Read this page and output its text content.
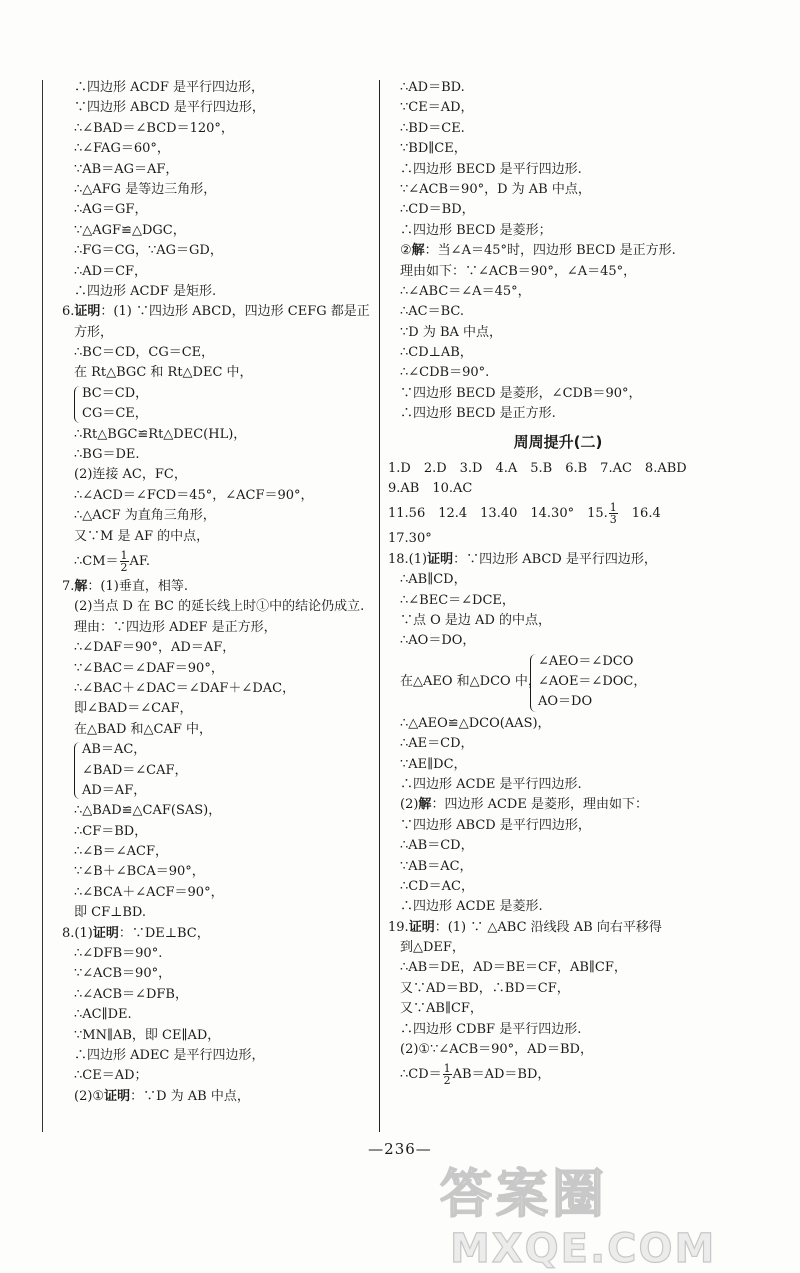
∴四边形 ACDF 是平行四边形，
∵四边形 ABCD 是平行四边形，
∴∠BAD＝∠BCD＝120°，
∴∠FAG＝60°，
∵AB＝AG＝AF，
∴△AFG 是等边三角形，
∴AG＝GF，
∵△AGF≌△DGC，
∴FG＝CG，∵AG＝GD，
∴AD＝CF，
∴四边形 ACDF 是矩形.
6.证明：(1) ∵四边形 ABCD，四边形 CEFG 都是正
方形，
∴BC＝CD，CG＝CE，
在 Rt△BGC 和 Rt△DEC 中，
BC＝CD，
CG＝CE，
∴Rt△BGC≌Rt△DEC(HL)，
∴BG＝DE.
(2)连接 AC，FC，
∴∠ACD＝∠FCD＝45°，∠ACF＝90°，
∴△ACF 为直角三角形，
又∵M 是 AF 的中点，
∴CM＝ $\frac{1}{2}$ AF.
7.解：(1)垂直，相等.
(2)当点 D 在 BC 的延长线上时①中的结论仍成立.
理由：∵四边形 ADEF 是正方形，
∴∠DAF＝90°，AD＝AF，
∵∠BAC＝∠DAF＝90°，
∴∠BAC＋∠DAC＝∠DAF＋∠DAC，
即∠BAD＝∠CAF，
在△BAD 和△CAF 中，
AB＝AC，
∠BAD＝∠CAF，
AD＝AF，
∴△BAD≌△CAF(SAS)，
∴CF＝BD，
∴∠B＝∠ACF，
∵∠B＋∠BCA＝90°，
∴∠BCA＋∠ACF＝90°，
即 CF⊥BD.
8.(1)证明：∵DE⊥BC，
∴∠DFB＝90°.
∵∠ACB＝90°，
∴∠ACB＝∠DFB，
∴AC∥DE.
∵MN∥AB，即 CE∥AD，
∴四边形 ADEC 是平行四边形，
∴CE＝AD；
(2)①证明：∵D 为 AB 中点，
∴AD＝BD.
∵CE＝AD，
∴BD＝CE.
∵BD∥CE，
∴四边形 BECD 是平行四边形.
∵∠ACB＝90°，D 为 AB 中点，
∴CD＝BD，
∴四边形 BECD 是菱形；
②解：当∠A＝45°时，四边形 BECD 是正方形.
理由如下：∵∠ACB＝90°，∠A＝45°，
∴∠ABC＝∠A＝45°，
∴AC＝BC.
∵D 为 BA 中点，
∴CD⊥AB，
∴∠CDB＝90°.
∵四边形 BECD 是菱形，∠CDB＝90°，
∴四边形 BECD 是正方形.
周周提升(二)
1.D　2.D　3.D　4.A　5.B　6.B　7.AC　8.ABD
9.AB　10.AC
11.56　12.4　13.40　14.30°　15. $\frac{1}{3}$ 　16.4
17.30°
18.(1)证明：∵四边形 ABCD 是平行四边形，
∴AB∥CD，
∴∠BEC＝∠DCE，
∵点 O 是边 AD 的中点，
∴AO＝DO，
在△AEO 和△DCO 中，
∠AEO＝∠DCO
∠AOE＝∠DOC，
AO＝DO
∴△AEO≌△DCO(AAS)，
∴AE＝CD，
∵AE∥DC，
∴四边形 ACDE 是平行四边形.
(2)解：四边形 ACDE 是菱形，理由如下：
∵四边形 ABCD 是平行四边形，
∴AB＝CD，
∵AB＝AC，
∴CD＝AC，
∴四边形 ACDE 是菱形.
19.证明：(1) ∵ △ABC 沿线段 AB 向右平移得
到△DEF，
∴AB＝DE，AD＝BE＝CF，AB∥CF，
又∵AD＝BD，∴BD＝CF，
又∵AB∥CF，
∴四边形 CDBF 是平行四边形.
(2)①∵∠ACB＝90°，AD＝BD，
∴CD＝ $\frac{1}{2} AB=AD=BD$，
—236—
答案圈
MXQE.COM
